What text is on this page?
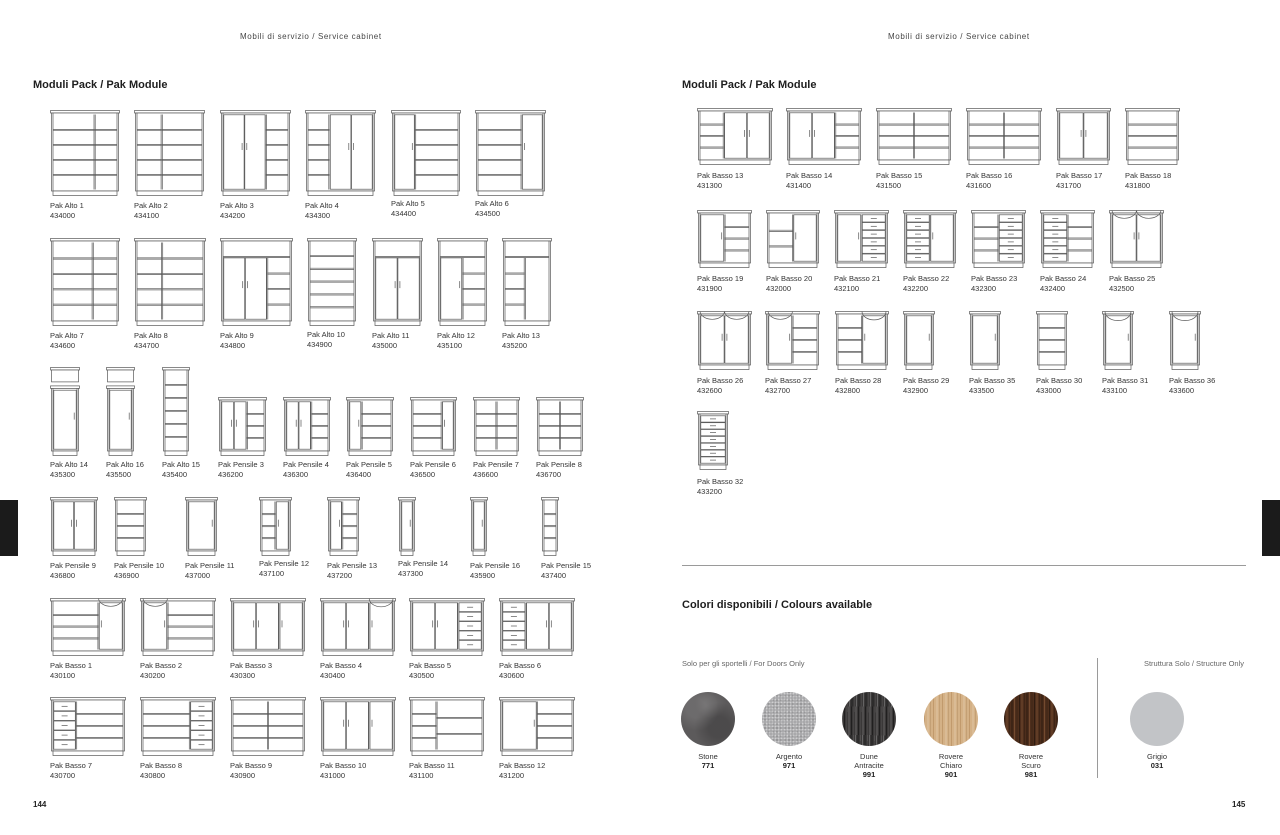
Mobili di servizio / Service cabinet
Moduli Pack / Pak Module
Pak Alto 1
434000
Pak Alto 2
434100
Pak Alto 3
434200
Pak Alto 4
434300
Pak Alto 5
434400
Pak Alto 6
434500
Pak Alto 7
434600
Pak Alto 8
434700
Pak Alto 9
434800
Pak Alto 10
434900
Pak Alto 11
435000
Pak Alto 12
435100
Pak Alto 13
435200
Pak Alto 14
435300
Pak Alto 16
435500
Pak Alto 15
435400
Pak Pensile 3
436200
Pak Pensile 4
436300
Pak Pensile 5
436400
Pak Pensile 6
436500
Pak Pensile 7
436600
Pak Pensile 8
436700
Pak Pensile 9
436800
Pak Pensile 10
436900
Pak Pensile 11
437000
Pak Pensile 12
437100
Pak Pensile 13
437200
Pak Pensile 14
437300
Pak Pensile 16
435900
Pak Pensile 15
437400
Pak Basso 1
430100
Pak Basso 2
430200
Pak Basso 3
430300
Pak Basso 4
430400
Pak Basso 5
430500
Pak Basso 6
430600
Pak Basso 7
430700
Pak Basso 8
430800
Pak Basso 9
430900
Pak Basso 10
431000
Pak Basso 11
431100
Pak Basso 12
431200
144
Mobili di servizio / Service cabinet
Moduli Pack / Pak Module
Pak Basso 13
431300
Pak Basso 14
431400
Pak Basso 15
431500
Pak Basso 16
431600
Pak Basso 17
431700
Pak Basso 18
431800
Pak Basso 19
431900
Pak Basso 20
432000
Pak Basso 21
432100
Pak Basso 22
432200
Pak Basso 23
432300
Pak Basso 24
432400
Pak Basso 25
432500
Pak Basso 26
432600
Pak Basso 27
432700
Pak Basso 28
432800
Pak Basso 29
432900
Pak Basso 35
433500
Pak Basso 30
433000
Pak Basso 31
433100
Pak Basso 36
433600
Pak Basso 32
433200
Colori disponibili / Colours available
Solo per gli sportelli / For Doors Only	Struttura Solo / Structure Only
Stone
771
Argento
971
Dune
Antracite
991
Rovere
Chiaro
901
Rovere
Scuro
981
Grigio
031
145
